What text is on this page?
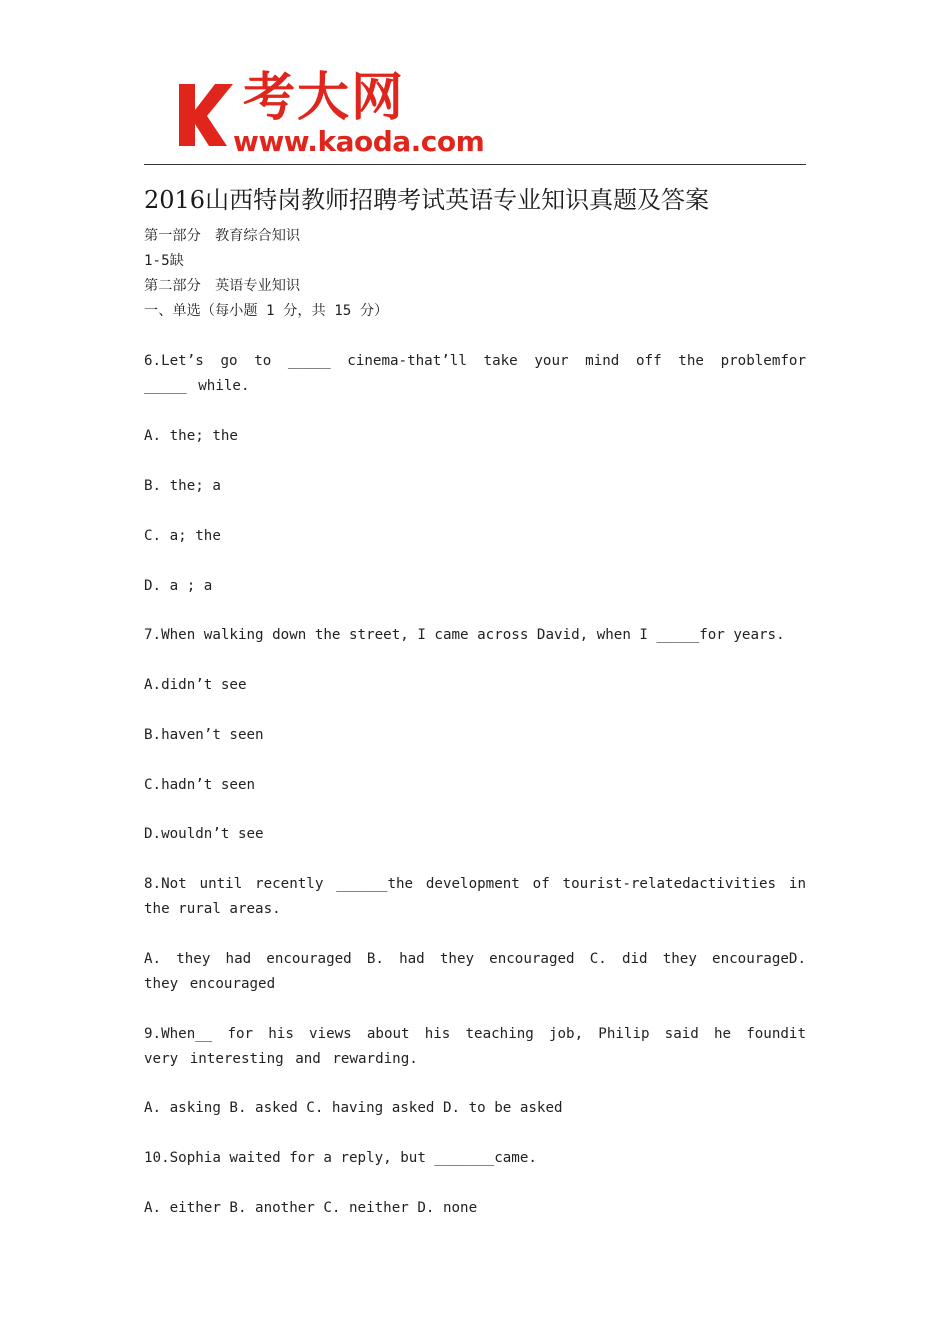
考大网
www.kaoda.com
2016山西特岗教师招聘考试英语专业知识真题及答案
第一部分　教育综合知识
1-5缺
第二部分　英语专业知识
一、单选（每小题 1 分，共 15 分）
6.Let’s go to _____ cinema-that’ll take your mind off the problemfor _____ while.
A. the; the
B. the; a
C. a; the
D. a ; a
7.When walking down the street, I came across David, when I _____for years.
A.didn’t see
B.haven’t seen
C.hadn’t seen
D.wouldn’t see
8.Not until recently ______the development of tourist-relatedactivities in the rural areas.
A. they had encouraged B. had they encouraged C. did they encourageD. they encouraged
9.When__ for his views about his teaching job, Philip said he foundit very interesting and rewarding.
A. asking B. asked C. having asked D. to be asked
10.Sophia waited for a reply, but _______came.
A. either B. another C. neither D. none
